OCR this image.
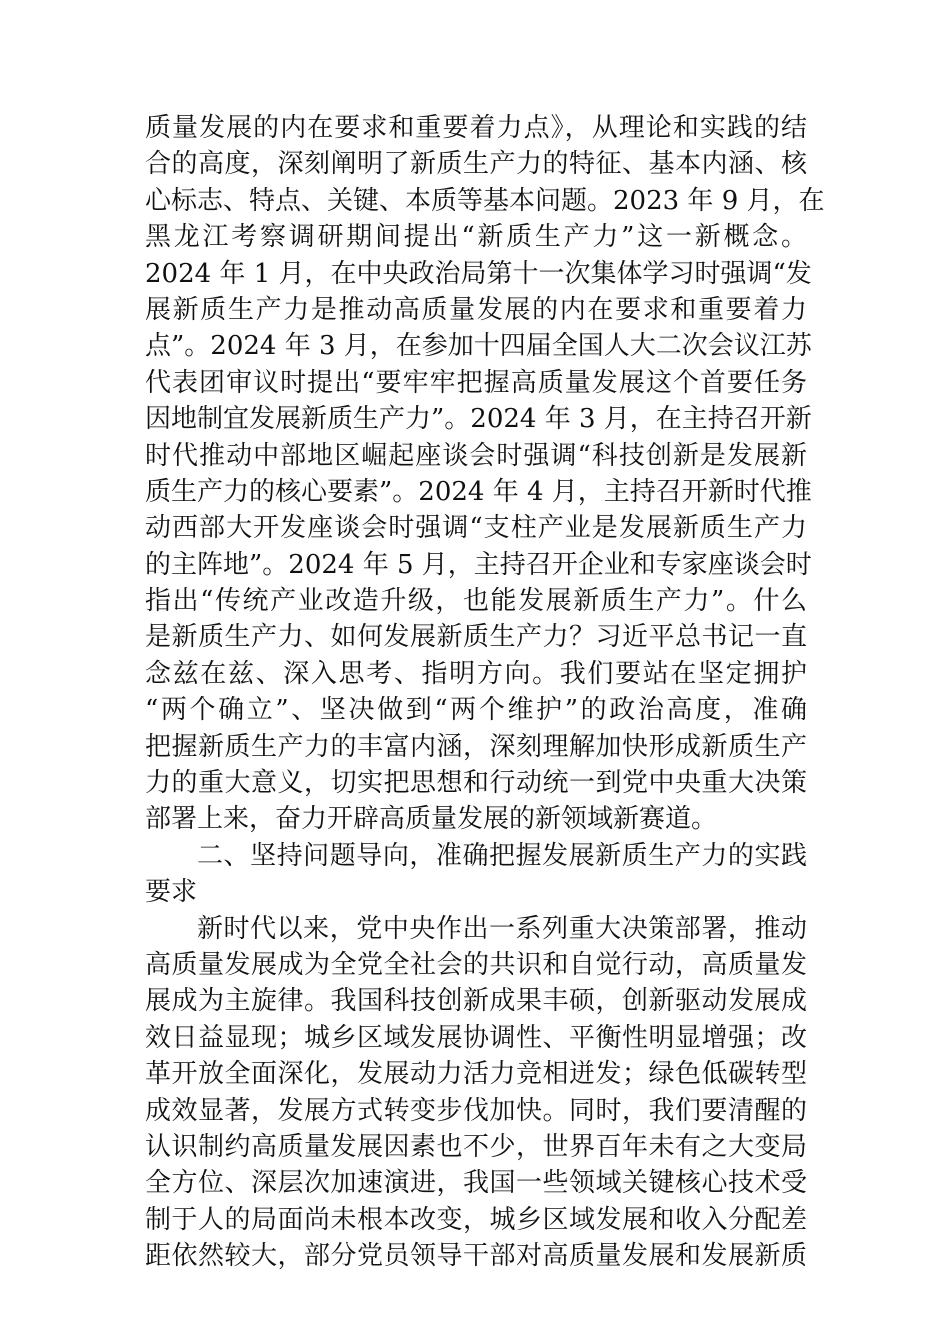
质量发展的内在要求和重要着力点》，从理论和实践的结
合的高度，深刻阐明了新质生产力的特征、基本内涵、核
心标志、特点、关键、本质等基本问题。2023 年 9 月，在
黑龙江考察调研期间提出“新质生产力”这一新概念。
2024 年 1 月，在中央政治局第十一次集体学习时强调“发
展新质生产力是推动高质量发展的内在要求和重要着力
点”。2024 年 3 月，在参加十四届全国人大二次会议江苏
代表团审议时提出“要牢牢把握高质量发展这个首要任务
因地制宜发展新质生产力”。2024 年 3 月，在主持召开新
时代推动中部地区崛起座谈会时强调“科技创新是发展新
质生产力的核心要素”。2024 年 4 月，主持召开新时代推
动西部大开发座谈会时强调“支柱产业是发展新质生产力
的主阵地”。2024 年 5 月，主持召开企业和专家座谈会时
指出“传统产业改造升级，也能发展新质生产力”。什么
是新质生产力、如何发展新质生产力？习近平总书记一直
念兹在兹、深入思考、指明方向。我们要站在坚定拥护
“两个确立”、坚决做到“两个维护”的政治高度，准确
把握新质生产力的丰富内涵，深刻理解加快形成新质生产
力的重大意义，切实把思想和行动统一到党中央重大决策
部署上来，奋力开辟高质量发展的新领域新赛道。
二、坚持问题导向，准确把握发展新质生产力的实践
要求
新时代以来，党中央作出一系列重大决策部署，推动
高质量发展成为全党全社会的共识和自觉行动，高质量发
展成为主旋律。我国科技创新成果丰硕，创新驱动发展成
效日益显现；城乡区域发展协调性、平衡性明显增强；改
革开放全面深化，发展动力活力竞相迸发；绿色低碳转型
成效显著，发展方式转变步伐加快。同时，我们要清醒的
认识制约高质量发展因素也不少，世界百年未有之大变局
全方位、深层次加速演进，我国一些领域关键核心技术受
制于人的局面尚未根本改变，城乡区域发展和收入分配差
距依然较大，部分党员领导干部对高质量发展和发展新质
